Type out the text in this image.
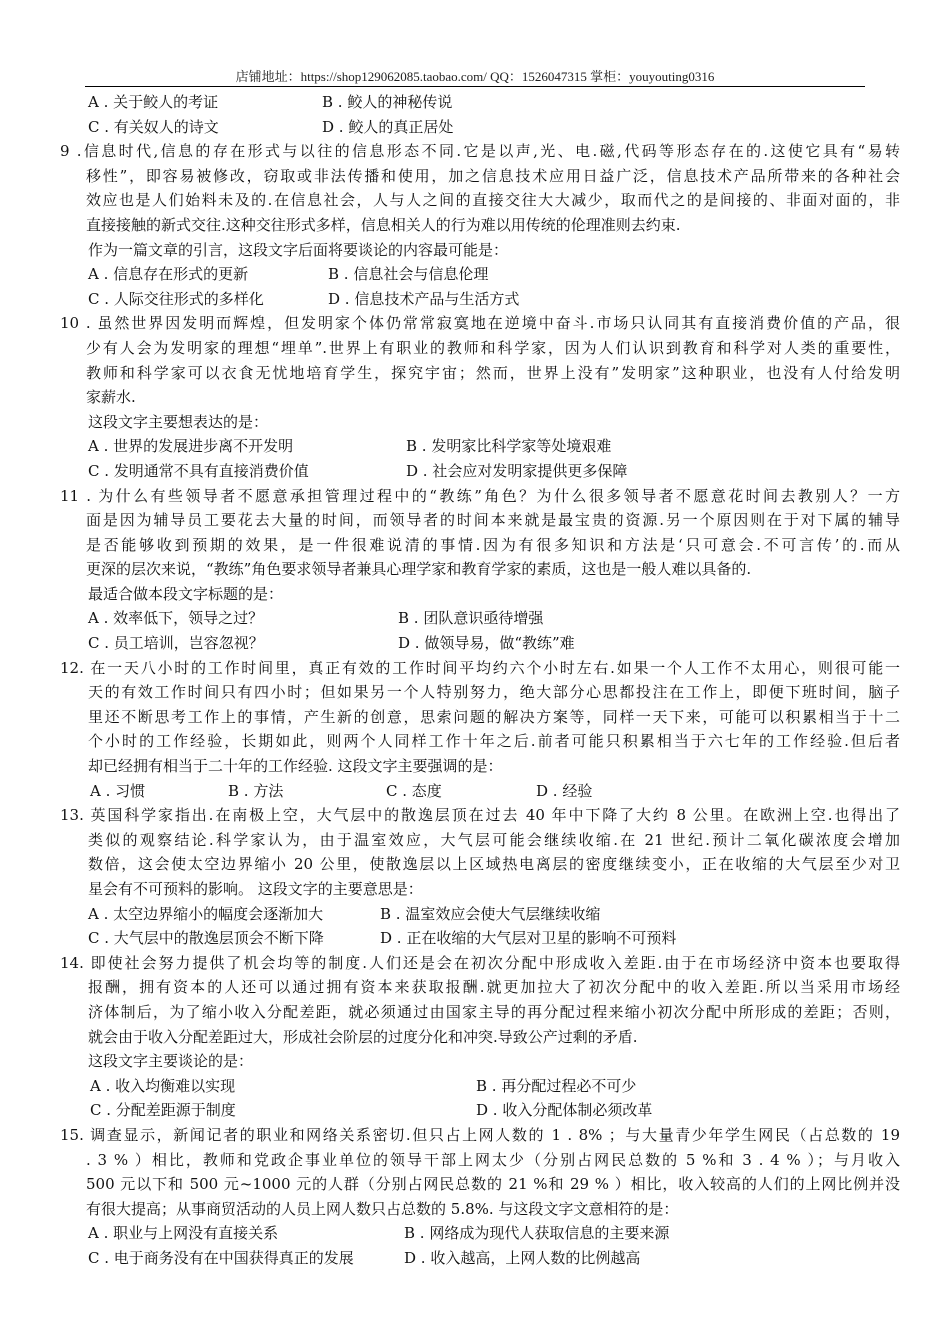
店铺地址：https://shop129062085.taobao.com/ QQ：1526047315 掌柜：youyouting0316
A . 关于鲛人的考证	B . 鲛人的神秘传说
C . 有关奴人的诗文	D . 鲛人的真正居处
9 .信息时代,信息的存在形式与以往的信息形态不同.它是以声,光、电.磁,代码等形态存在的.这使它具有“易转
移性”，即容易被修改，窃取或非法传播和使用，加之信息技术应用日益广泛，信息技术产品所带来的各种社会
效应也是人们始料未及的.在信息社会，人与人之间的直接交往大大减少，取而代之的是间接的、非面对面的，非
直接接触的新式交往.这种交往形式多样，信息相关人的行为难以用传统的伦理准则去约束.
作为一篇文章的引言，这段文字后面将要谈论的内容最可能是：
A . 信息存在形式的更新	B . 信息社会与信息伦理
C . 人际交往形式的多样化	D . 信息技术产品与生活方式
10 . 虽然世界因发明而辉煌，但发明家个体仍常常寂寞地在逆境中奋斗.市场只认同其有直接消费价值的产品，很
少有人会为发明家的理想“埋单”.世界上有职业的教师和科学家，因为人们认识到教育和科学对人类的重要性，
教师和科学家可以衣食无忧地培育学生，探究宇宙；然而，世界上没有”发明家”这种职业，也没有人付给发明
家薪水.
这段文字主要想表达的是：
A . 世界的发展进步离不开发明	B . 发明家比科学家等处境艰难
C . 发明通常不具有直接消费价值	D . 社会应对发明家提供更多保障
11 . 为什么有些领导者不愿意承担管理过程中的“教练”角色？为什么很多领导者不愿意花时间去教别人？一方
面是因为辅导员工要花去大量的时间，而领导者的时间本来就是最宝贵的资源.另一个原因则在于对下属的辅导
是否能够收到预期的效果，是一件很难说清的事情.因为有很多知识和方法是‘只可意会.不可言传’的.而从
更深的层次来说，“教练”角色要求领导者兼具心理学家和教育学家的素质，这也是一般人难以具备的.
最适合做本段文字标题的是：
A . 效率低下，领导之过？	B . 团队意识亟待增强
C . 员工培训，岂容忽视？	D . 做领导易，做“教练”难
12. 在一天八小时的工作时间里，真正有效的工作时间平均约六个小时左右.如果一个人工作不太用心，则很可能一
天的有效工作时间只有四小时；但如果另一个人特别努力，绝大部分心思都投注在工作上，即便下班时间，脑子
里还不断思考工作上的事情，产生新的创意，思索问题的解决方案等，同样一天下来，可能可以积累相当于十二
个小时的工作经验，长期如此，则两个人同样工作十年之后.前者可能只积累相当于六七年的工作经验.但后者
却已经拥有相当于二十年的工作经验. 这段文字主要强调的是：
A . 习惯	B . 方法	C . 态度	D . 经验
13. 英国科学家指出.在南极上空，大气层中的散逸层顶在过去 40 年中下降了大约 8 公里。在欧洲上空.也得出了
类似的观察结论.科学家认为，由于温室效应，大气层可能会继续收缩.在 21 世纪.预计二氧化碳浓度会增加
数倍，这会使太空边界缩小 20 公里，使散逸层以上区域热电离层的密度继续变小，正在收缩的大气层至少对卫
星会有不可预料的影响。 这段文字的主要意思是：
A . 太空边界缩小的幅度会逐渐加大	B . 温室效应会使大气层继续收缩
C . 大气层中的散逸层顶会不断下降	D . 正在收缩的大气层对卫星的影响不可预料
14. 即使社会努力提供了机会均等的制度.人们还是会在初次分配中形成收入差距.由于在市场经济中资本也要取得
报酬，拥有资本的人还可以通过拥有资本来获取报酬.就更加拉大了初次分配中的收入差距.所以当采用市场经
济体制后，为了缩小收入分配差距，就必须通过由国家主导的再分配过程来缩小初次分配中所形成的差距；否则，
就会由于收入分配差距过大，形成社会阶层的过度分化和冲突.导致公产过剩的矛盾.
这段文字主要谈论的是：
A . 收入均衡难以实现	B . 再分配过程必不可少
C . 分配差距源于制度	D . 收入分配体制必须改革
15. 调查显示，新闻记者的职业和网络关系密切.但只占上网人数的 1 . 8% ；与大量青少年学生网民（占总数的 19
. 3 % ）相比，教师和党政企事业单位的领导干部上网太少（分别占网民总数的 5 %和 3 . 4 % ）；与月收入
500 元以下和 500 元~1000 元的人群（分别占网民总数的 21 %和 29 % ）相比，收入较高的人们的上网比例并没
有很大提高；从事商贸活动的人员上网人数只占总数的 5.8%. 与这段文字文意相符的是：
A . 职业与上网没有直接关系	B . 网络成为现代人获取信息的主要来源
C . 电于商务没有在中国获得真正的发展	D . 收入越高，上网人数的比例越高
